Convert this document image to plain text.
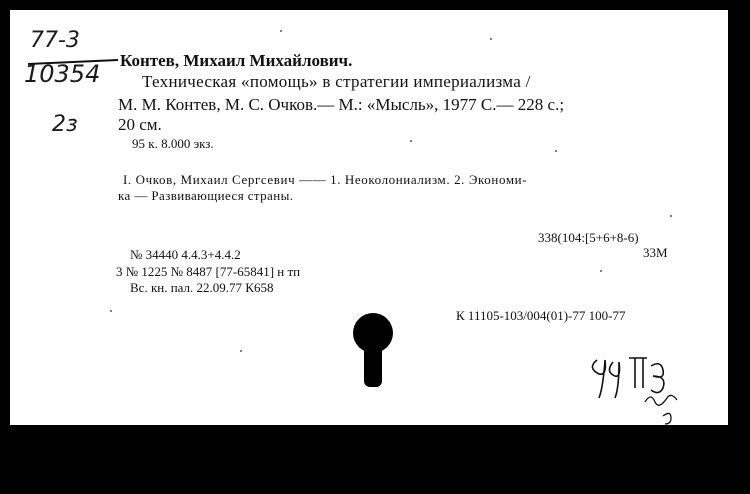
77-3
10354
2з
Контев, Михаил Михайлович.
Техническая «помощь» в стратегии империализма /
М. М. Контев, М. С. Очков.— М.: «Мысль», 1977 С.— 228 с.;
20 см.
95 к. 8.000 экз.
I. Очков, Михаил Сергсевич —— 1. Неоколониализм. 2. Экономи-
ка — Развивающиеся страны.
338(104:[5+6+8-6)
33М
№ 34440 4.4.3+4.4.2
3 № 1225 № 8487 [77-65841] н тп
Вс. кн. пал. 22.09.77 К658
К 11105-103/004(01)-77 100-77
